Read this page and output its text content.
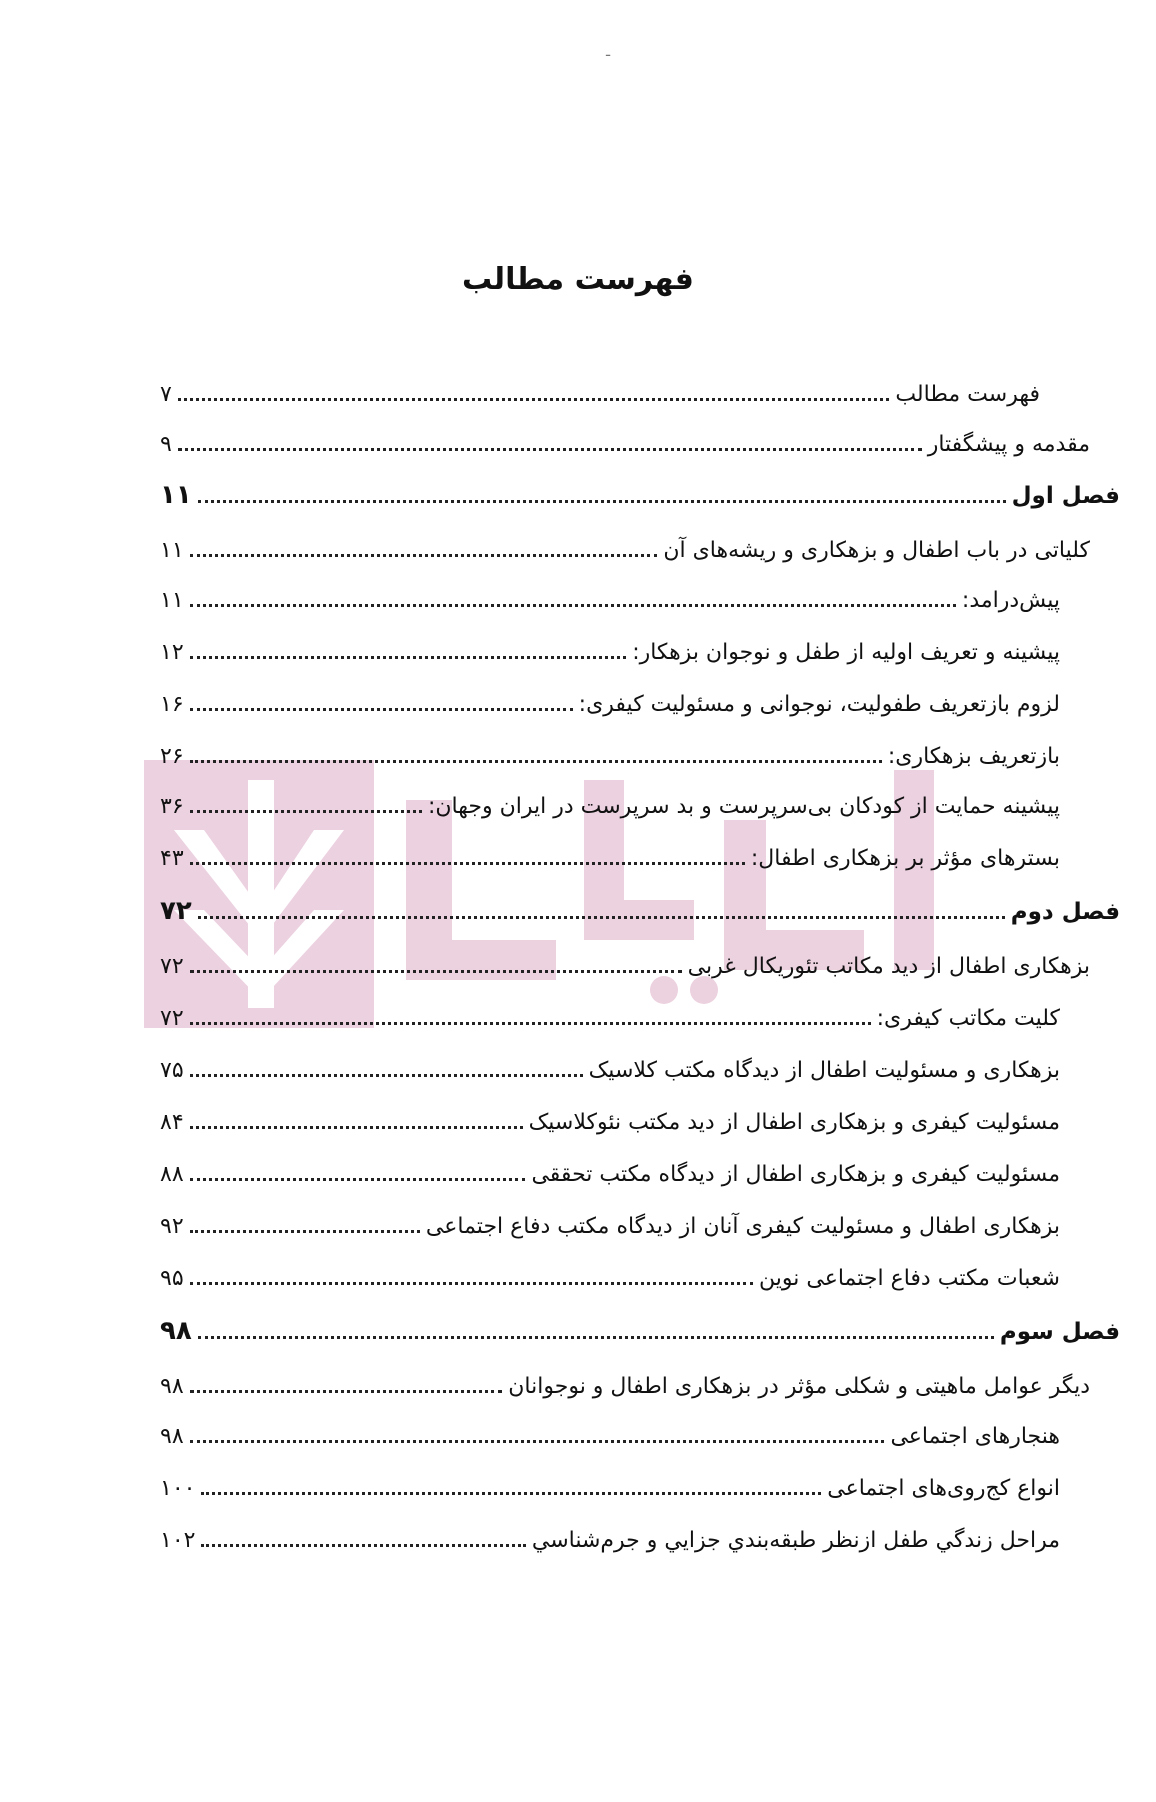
ـ
فهرست مطالب
فهرست مطالب
۷
مقدمه و پيشگفتار
۹
فصل اول
۱۱
کلياتی در باب اطفال و بزهکاری و ريشه‌های آن
۱۱
پيش‌درامد:
۱۱
پيشينه و تعريف اوليه از طفل و نوجوان بزهکار:
۱۲
لزوم بازتعريف طفوليت، نوجوانی و مسئوليت کيفری:
۱۶
بازتعريف بزهکاری:
۲۶
پيشينه حمايت از کودکان بی‌سرپرست و بد سرپرست در ايران وجهان:
۳۶
بسترهای مؤثر بر بزهکاری اطفال:
۴۳
فصل دوم
۷۲
بزهکاری اطفال از ديد مکاتب تئوريکال غربی
۷۲
کليت مکاتب کيفری:
۷۲
بزهکاری و مسئوليت اطفال از ديدگاه مکتب کلاسيک
۷۵
مسئوليت کيفری و بزهکاری اطفال از ديد مکتب نئوکلاسيک
۸۴
مسئوليت کيفری و بزهکاری اطفال از ديدگاه مکتب تحققی
۸۸
بزهکاری اطفال و مسئوليت کيفری آنان از ديدگاه مکتب دفاع اجتماعی
۹۲
شعبات مکتب دفاع اجتماعی نوين
۹۵
فصل سوم
۹۸
ديگر عوامل ماهيتی و شکلی مؤثر در بزهکاری اطفال و نوجوانان
۹۸
هنجارهای اجتماعی
۹۸
انواع کج‌روی‌های اجتماعی
۱۰۰
مراحل زندگي طفل ازنظر طبقه‌بندي جزايي و جرم‌شناسي
۱۰۲
